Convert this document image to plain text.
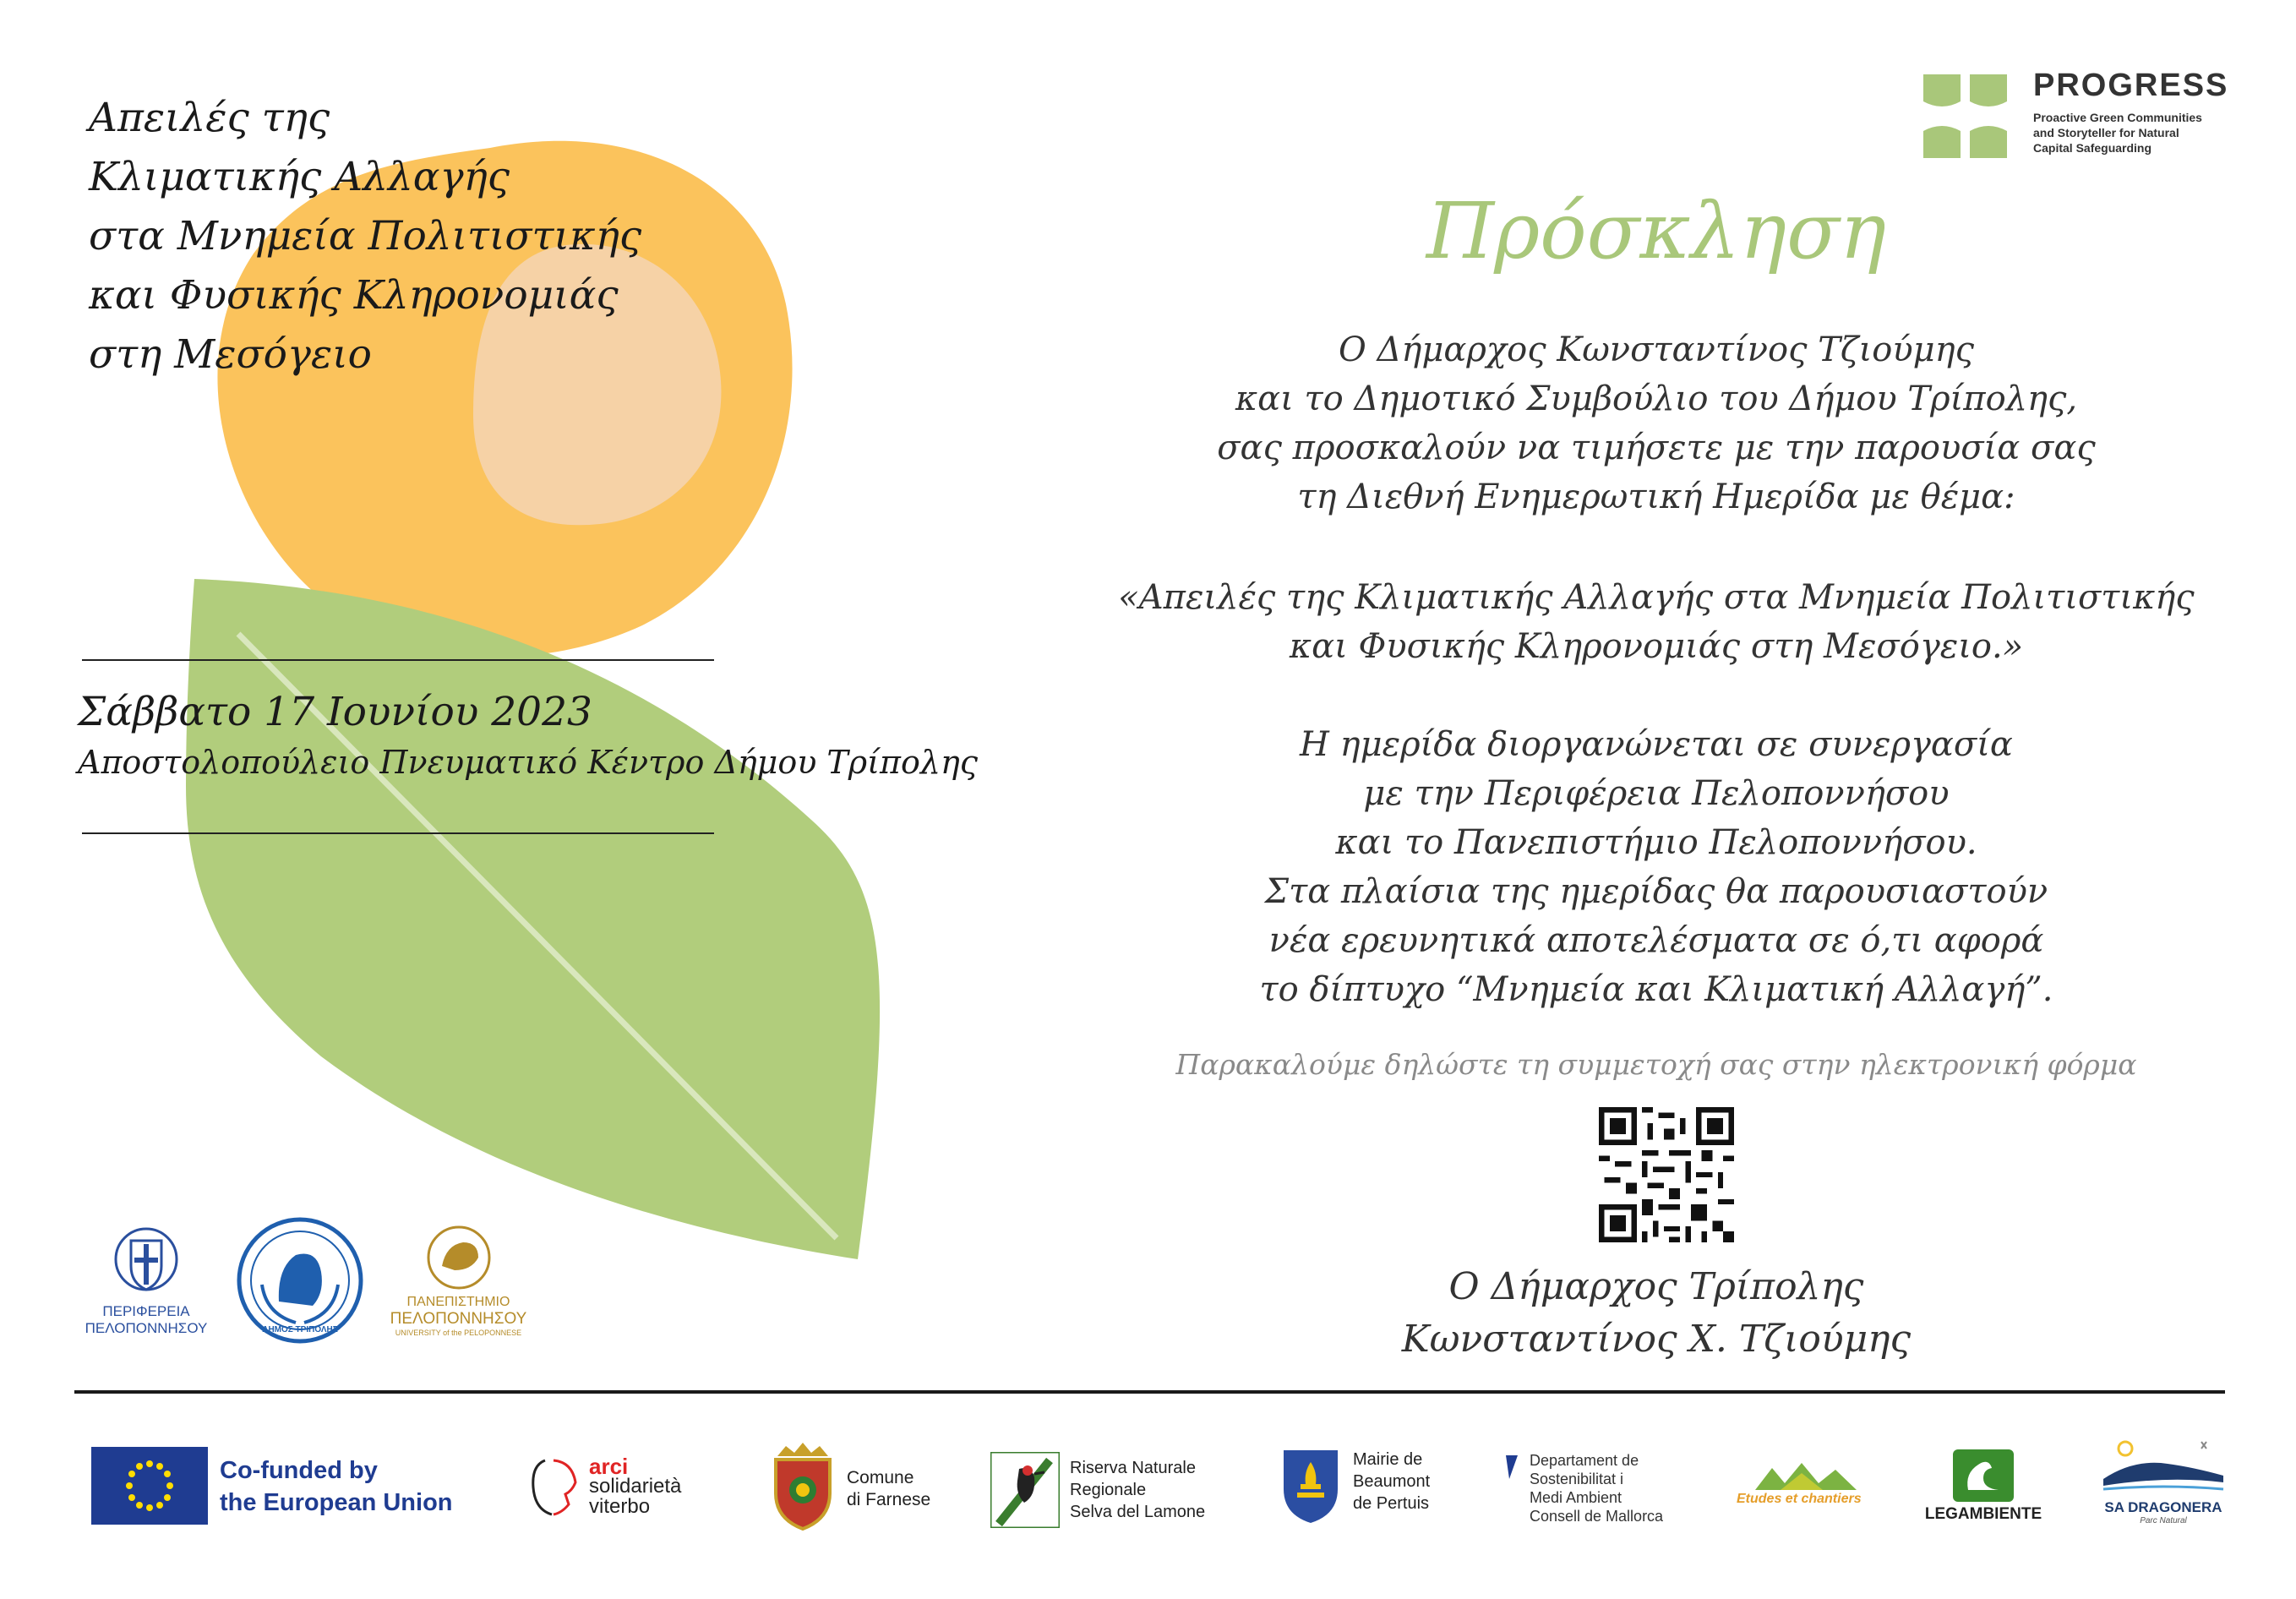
Απειλές της
Κλιματικής Αλλαγής
στα Μνημεία Πολιτιστικής
και Φυσικής Κληρονομιάς
στη Μεσόγειο
Σάββατο 17 Ιουνίου 2023
Αποστολοπούλειο Πνευματικό Κέντρο Δήμου Τρίπολης
ΠΕΡΙΦΕΡΕΙΑ
ΠΕΛΟΠΟΝΝΗΣΟΥ	ΔΗΜΟΣ ΤΡΙΠΟΛΗΣ
ΠΑΝΕΠΙΣΤΗΜΙΟ
ΠΕΛΟΠΟΝΝΗΣΟΥ
UNIVERSITY of the PELOPONNESE
PROGRESS
Proactive Green Communities
and Storyteller for Natural
Capital Safeguarding
Πρόσκληση
Ο Δήμαρχος Κωνσταντίνος Τζιούμης
και το Δημοτικό Συμβούλιο του Δήμου Τρίπολης,
σας προσκαλούν να τιμήσετε με την παρουσία σας
τη Διεθνή Ενημερωτική Ημερίδα με θέμα:
«Απειλές της Κλιματικής Αλλαγής στα Μνημεία Πολιτιστικής
και Φυσικής Κληρονομιάς στη Μεσόγειο.»
Η ημερίδα διοργανώνεται σε συνεργασία
με την Περιφέρεια Πελοποννήσου
και το Πανεπιστήμιο Πελοποννήσου.
Στα πλαίσια της ημερίδας θα παρουσιαστούν
νέα ερευνητικά αποτελέσματα σε ό,τι αφορά
το δίπτυχο “Μνημεία και Κλιματική Αλλαγή”.
Παρακαλούμε δηλώστε τη συμμετοχή σας στην ηλεκτρονική φόρμα
Ο Δήμαρχος Τρίπολης
Κωνσταντίνος Χ. Τζιούμης
Co-funded by
the European Union
arci
solidarietà
viterbo
Comune
di Farnese
Riserva Naturale
Regionale
Selva del Lamone
Mairie de
Beaumont
de Pertuis
Departament de
Sostenibilitat i
Medi Ambient
Consell de Mallorca
Etudes et chantiers
LEGAMBIENTE	SA DRAGONERA
Parc Natural
